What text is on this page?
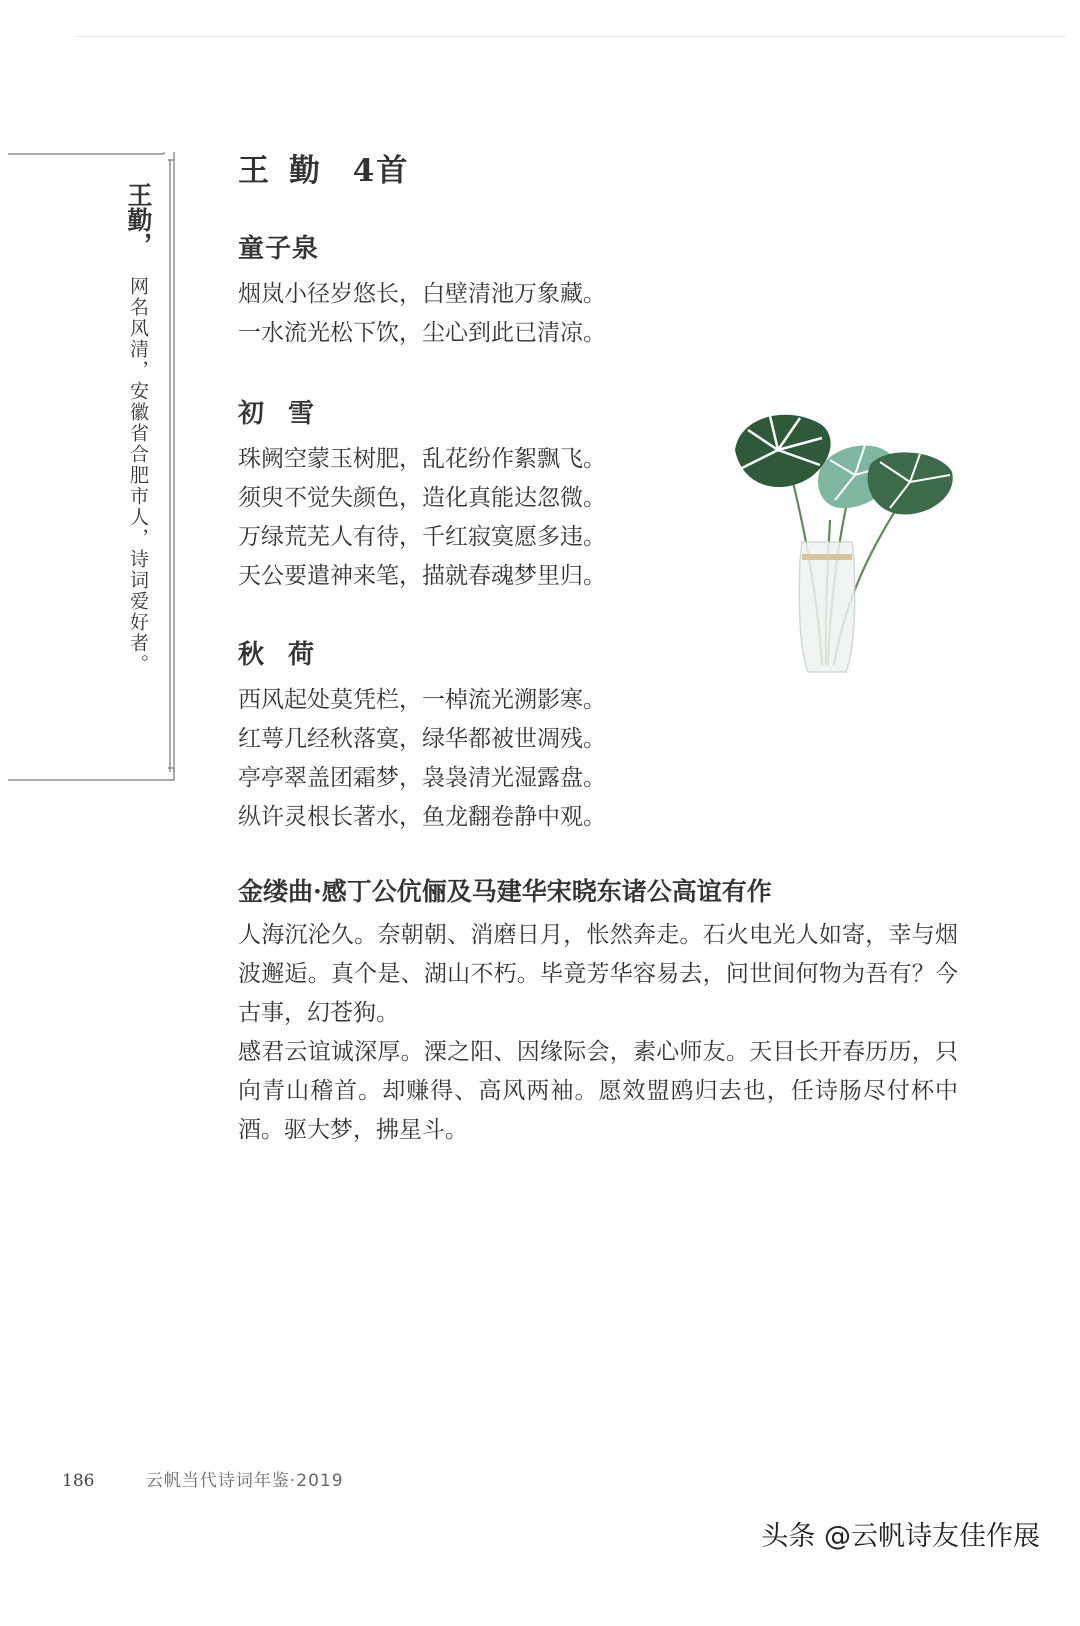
王勤， 网名风清，安徽省合肥市人，诗词爱好者。
王勤 4首
童子泉
烟岚小径岁悠长，白壁清池万象藏。
一水流光松下饮，尘心到此已清凉。
初雪
珠阙空蒙玉树肥，乱花纷作絮飘飞。
须臾不觉失颜色，造化真能达忽微。
万绿荒芜人有待，千红寂寞愿多违。
天公要遣神来笔，描就春魂梦里归。
秋荷
西风起处莫凭栏，一棹流光溯影寒。
红萼几经秋落寞，绿华都被世凋残。
亭亭翠盖团霜梦，袅袅清光湿露盘。
纵许灵根长著水，鱼龙翻卷静中观。
金缕曲·感丁公伉俪及马建华宋晓东诸公高谊有作
人海沉沦久。奈朝朝、消磨日月，怅然奔走。石火电光人如寄，幸与烟波邂逅。真个是、湖山不朽。毕竟芳华容易去，问世间何物为吾有？今古事，幻苍狗。
感君云谊诚深厚。溧之阳、因缘际会，素心师友。天目长开春历历，只向青山稽首。却赚得、高风两袖。愿效盟鸥归去也，任诗肠尽付杯中酒。驱大梦，拂星斗。
186	云帆当代诗词年鉴·2019
头条 @云帆诗友佳作展
